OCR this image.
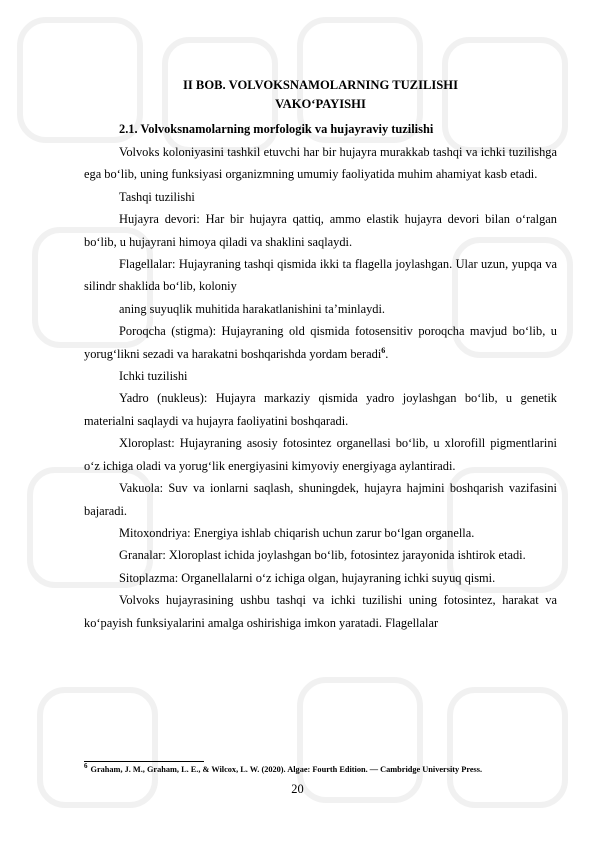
II BOB. VOLVOKSNAMOLARNING TUZILISHI

VAKO‘PAYISHI

2.1. Volvoksnamolarning morfologik va hujayraviy tuzilishi

Volvoks koloniyasini tashkil etuvchi har bir hujayra murakkab tashqi va ichki tuzilishga ega bo‘lib, uning funksiyasi organizmning umumiy faoliyatida muhim ahamiyat kasb etadi.

Tashqi tuzilishi

Hujayra devori: Har bir hujayra qattiq, ammo elastik hujayra devori bilan o‘ralgan bo‘lib, u hujayrani himoya qiladi va shaklini saqlaydi.

Flagellalar: Hujayraning tashqi qismida ikki ta flagella joylashgan. Ular uzun, yupqa va silindr shaklida bo‘lib, koloniy

aning suyuqlik muhitida harakatlanishini ta’minlaydi.

Poroqcha (stigma): Hujayraning old qismida fotosensitiv poroqcha mavjud bo‘lib, u yorug‘likni sezadi va harakatni boshqarishda yordam beradi$^6$.

Ichki tuzilishi

Yadro (nukleus): Hujayra markaziy qismida yadro joylashgan bo‘lib, u genetik materialni saqlaydi va hujayra faoliyatini boshqaradi.

Xloroplast: Hujayraning asosiy fotosintez organellasi bo‘lib, u xlorofill pigmentlarini o‘z ichiga oladi va yorug‘lik energiyasini kimyoviy energiyaga aylantiradi.

Vakuola: Suv va ionlarni saqlash, shuningdek, hujayra hajmini boshqarish vazifasini bajaradi.

Mitoxondriya: Energiya ishlab chiqarish uchun zarur bo‘lgan organella.

Granalar: Xloroplast ichida joylashgan bo‘lib, fotosintez jarayonida ishtirok etadi.

Sitoplazma: Organellalarni o‘z ichiga olgan, hujayraning ichki suyuq qismi.

Volvoks hujayrasining ushbu tashqi va ichki tuzilishi uning fotosintez, harakat va ko‘payish funksiyalarini amalga oshirishiga imkon yaratadi. Flagellalar

$^6$ Graham, J. M., Graham, L. E., & Wilcox, L. W. (2020). Algae: Fourth Edition. — Cambridge University Press.
20
